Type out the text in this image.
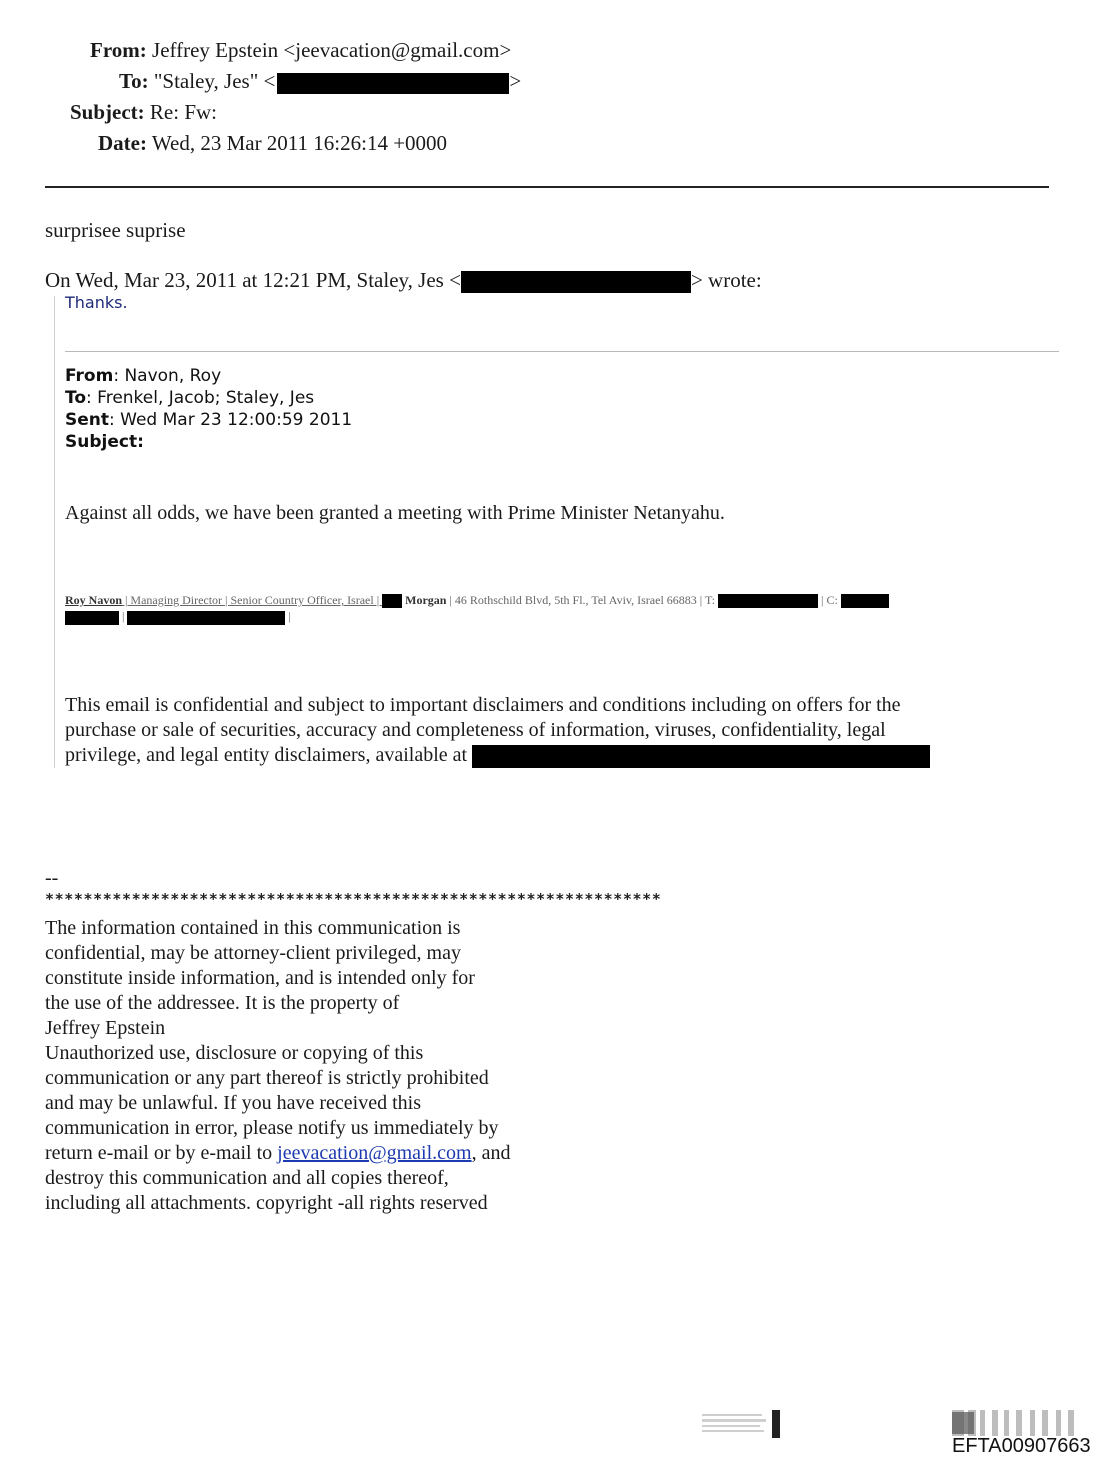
From: Jeffrey Epstein <jeevacation@gmail.com>
To: "Staley, Jes" <	>
Subject: Re: Fw:
Date: Wed, 23 Mar 2011 16:26:14 +0000
surprisee suprise
On Wed, Mar 23, 2011 at 12:21 PM, Staley, Jes <	> wrote:
Thanks.
From: Navon, Roy
To: Frenkel, Jacob; Staley, Jes
Sent: Wed Mar 23 12:00:59 2011
Subject:
Against all odds, we have been granted a meeting with Prime Minister Netanyahu.
Roy Navon | Managing Director | Senior Country Officer, Israel |  Morgan | 46 Rothschild Blvd, 5th Fl., Tel Aviv, Israel 66883 | T:	| C:
|	|
This email is confidential and subject to important disclaimers and conditions including on offers for the
purchase or sale of securities, accuracy and completeness of information, viruses, confidentiality, legal
privilege, and legal entity disclaimers, available at
--
****************************************************************
The information contained in this communication is
confidential, may be attorney-client privileged, may
constitute inside information, and is intended only for
the use of the addressee. It is the property of
Jeffrey Epstein
Unauthorized use, disclosure or copying of this
communication or any part thereof is strictly prohibited
and may be unlawful. If you have received this
communication in error, please notify us immediately by
return e-mail or by e-mail to jeevacation@gmail.com, and
destroy this communication and all copies thereof,
including all attachments. copyright -all rights reserved
EFTA00907663
